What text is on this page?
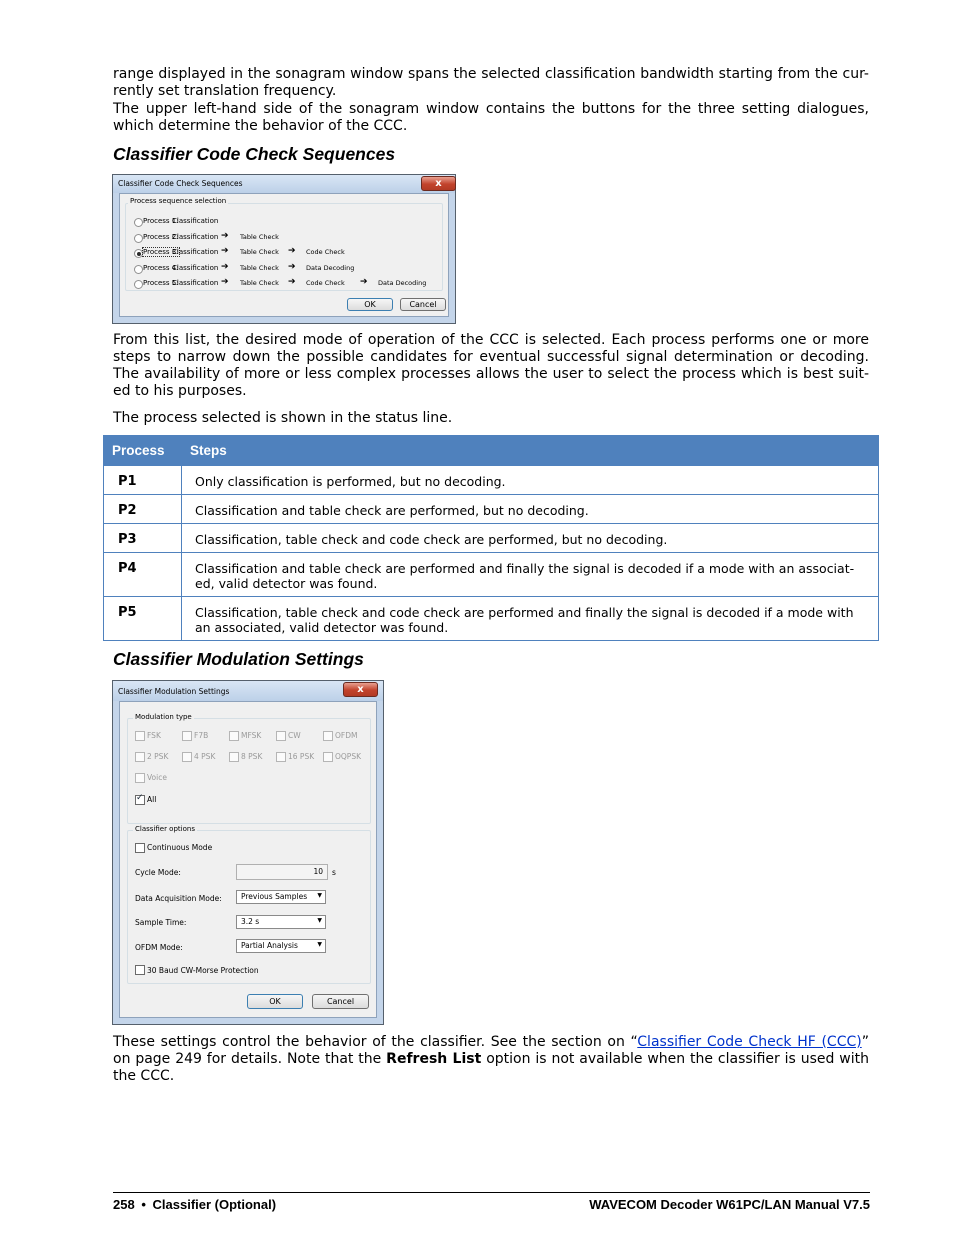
range displayed in the sonagram window spans the selected classification bandwidth starting from the cur-rently set translation frequency.

The upper left-hand side of the sonagram window contains the buttons for the three setting dialogues, which determine the behavior of the CCC.

Classifier Code Check Sequences
Classifier Code Check Sequences	x
Process sequence selection
Process 1:
Classification
Process 2:
Classification ➔ Table Check
Process 3:
Classification ➔ Table Check ➔ Code Check
Process 4:
Classification ➔ Table Check ➔ Data Decoding
Process 5:
Classification ➔ Table Check ➔ Code Check ➔ Data Decoding
OK	Cancel

From this list, the desired mode of operation of the CCC is selected. Each process performs one or more steps to narrow down the possible candidates for eventual successful signal determination or decoding. The availability of more or less complex processes allows the user to select the process which is best suit-ed to his purposes.

The process selected is shown in the status line.

Process	Steps
P1	Only classification is performed, but no decoding.
P2	Classification and table check are performed, but no decoding.
P3	Classification, table check and code check are performed, but no decoding.
P4	Classification and table check are performed and finally the signal is decoded if a mode with an associat-ed, valid detector was found.
P5	Classification, table check and code check are performed and finally the signal is decoded if a mode with an associated, valid detector was found.
Classifier Modulation Settings
Classifier Modulation Settings	x
Modulation type
FSK	F7B	MFSK	CW	OFDM
2 PSK	4 PSK	8 PSK	16 PSK	OQPSK
Voice
✓ All
Classifier options
Continuous Mode
Cycle Mode:	10 s
Data Acquisition Mode:	Previous Samples ▼
Sample Time:	3.2 s	▼
OFDM Mode:	Partial Analysis	▼
30 Baud CW-Morse Protection
OK	Cancel

These settings control the behavior of the classifier. See the section on “Classifier Code Check HF (CCC)” on page 249 for details. Note that the Refresh List option is not available when the classifier is used with the CCC.

258 • Classifier (Optional)	WAVECOM Decoder W61PC/LAN Manual V7.5
